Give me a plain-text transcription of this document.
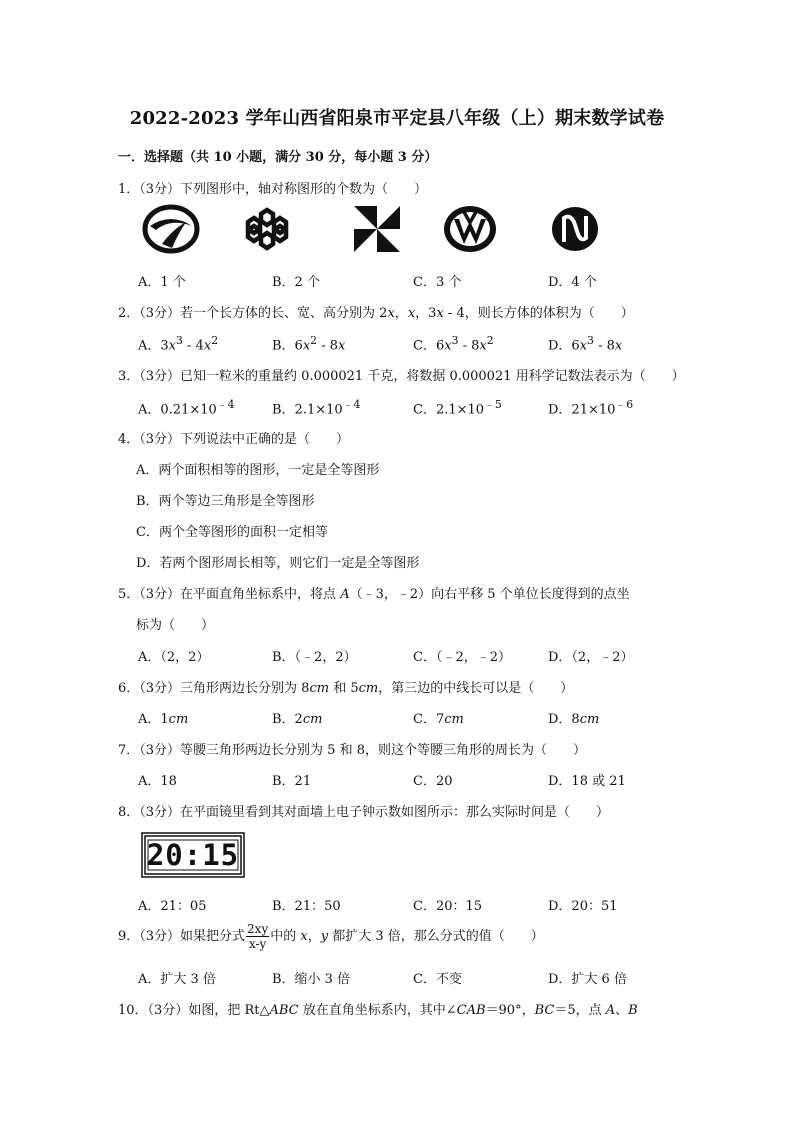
2022-2023 学年山西省阳泉市平定县八年级（上）期末数学试卷
一．选择题（共 10 小题，满分 30 分，每小题 3 分）
1．（3分）下列图形中，轴对称图形的个数为（　　）
A．1 个	B．2 个	C．3 个	D．4 个
2．（3分）若一个长方体的长、宽、高分别为 2x，x，3x - 4，则长方体的体积为（　　）
A．$3x^3 - 4x^2$	B．$6x^2 - 8x$	C．$6x^3 - 8x^2$	D．$6x^3 - 8x$
3．（3分）已知一粒米的重量约 0.000021 千克，将数据 0.000021 用科学记数法表示为（　　）
A．$0.21\times 10^{﹣4}$	B．$2.1\times 10^{﹣4}$	C．$2.1\times 10^{﹣5}$	D．$21\times 10^{﹣6}$
4．（3分）下列说法中正确的是（　　）
A．两个面积相等的图形，一定是全等图形
B．两个等边三角形是全等图形
C．两个全等图形的面积一定相等
D．若两个图形周长相等，则它们一定是全等图形
5．（3分）在平面直角坐标系中，将点 A（﹣3，﹣2）向右平移 5 个单位长度得到的点坐
标为（　　）
A．（2，2）	B．（﹣2，2）	C．（﹣2，﹣2）	D．（2，﹣2）
6．（3分）三角形两边长分别为 8cm 和 5cm，第三边的中线长可以是（　　）
A．1cm	B．2cm	C．7cm	D．8cm
7．（3分）等腰三角形两边长分别为 5 和 8，则这个等腰三角形的周长为（　　）
A．18	B．21	C．20	D．18 或 21
8．（3分）在平面镜里看到其对面墙上电子钟示数如图所示：那么实际时间是（　　）
20:15
A．21：05	B．21：50	C．20：15	D．20：51
9．（3分）如果把分式 $\frac{2xy}{x-y}$ 中的 x，y 都扩大 3 倍，那么分式的值（　　）
A．扩大 3 倍	B．缩小 3 倍	C．不变	D．扩大 6 倍
10．（3分）如图，把 Rt△ABC 放在直角坐标系内，其中∠CAB＝90°，BC＝5，点 A、B
